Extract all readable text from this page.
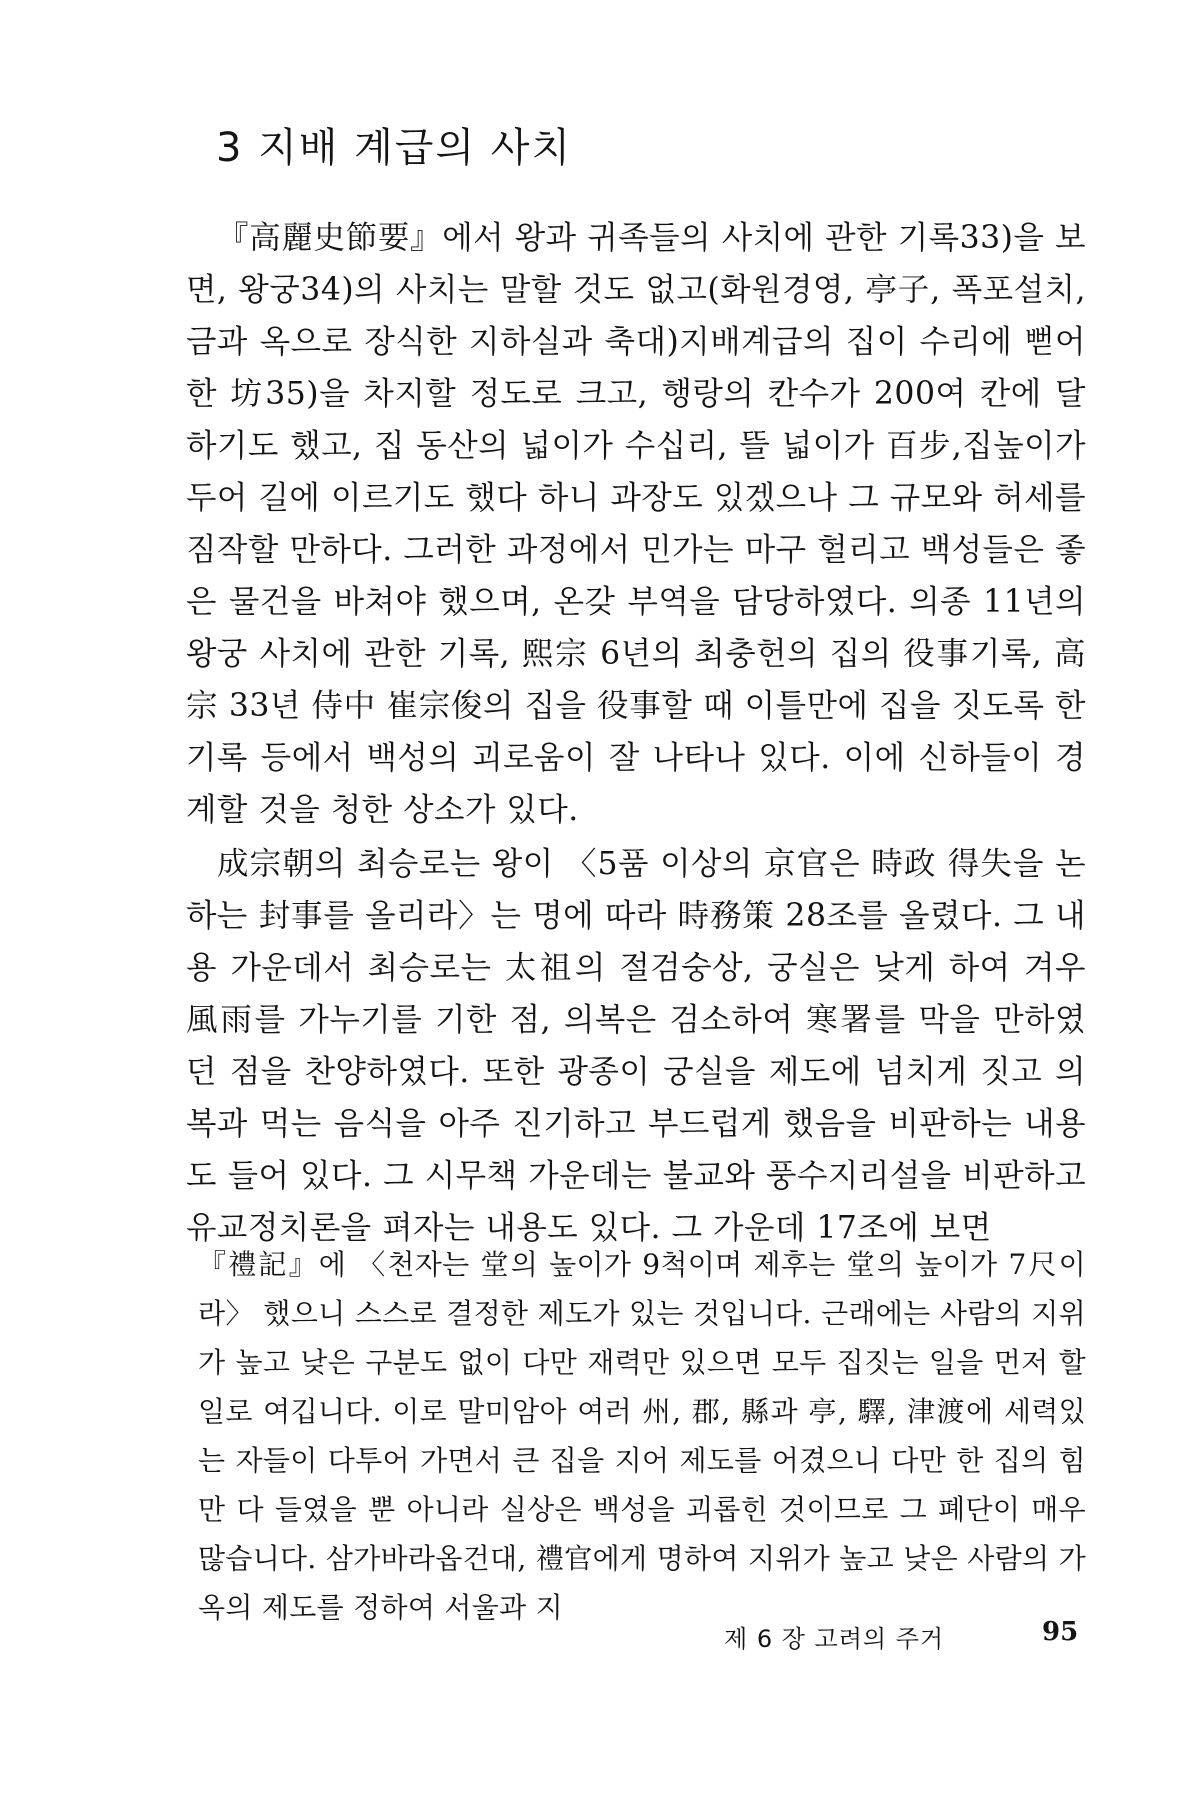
3 지배 계급의 사치

『高麗史節要』에서 왕과 귀족들의 사치에 관한 기록33)을 보면, 왕궁34)의 사치는 말할 것도 없고(화원경영, 亭子, 폭포설치, 금과 옥으로 장식한 지하실과 축대)지배계급의 집이 수리에 뻗어 한 坊35)을 차지할 정도로 크고, 행랑의 칸수가 200여 칸에 달하기도 했고, 집 동산의 넓이가 수십리, 뜰 넓이가 百步,집높이가 두어 길에 이르기도 했다 하니 과장도 있겠으나 그 규모와 허세를 짐작할 만하다. 그러한 과정에서 민가는 마구 헐리고 백성들은 좋은 물건을 바쳐야 했으며, 온갖 부역을 담당하였다. 의종 11년의 왕궁 사치에 관한 기록, 熙宗 6년의 최충헌의 집의 役事기록, 高宗 33년 侍中 崔宗俊의 집을 役事할 때 이틀만에 집을 짓도록 한 기록 등에서 백성의 괴로움이 잘 나타나 있다. 이에 신하들이 경계할 것을 청한 상소가 있다.

成宗朝의 최승로는 왕이 〈5품 이상의 京官은 時政 得失을 논하는 封事를 올리라〉는 명에 따라 時務策 28조를 올렸다. 그 내용 가운데서 최승로는 太祖의 절검숭상, 궁실은 낮게 하여 겨우 風雨를 가누기를 기한 점, 의복은 검소하여 寒署를 막을 만하였던 점을 찬양하였다. 또한 광종이 궁실을 제도에 넘치게 짓고 의복과 먹는 음식을 아주 진기하고 부드럽게 했음을 비판하는 내용도 들어 있다. 그 시무책 가운데는 불교와 풍수지리설을 비판하고 유교정치론을 펴자는 내용도 있다. 그 가운데 17조에 보면

『禮記』에 〈천자는 堂의 높이가 9척이며 제후는 堂의 높이가 7尺이라〉 했으니 스스로 결정한 제도가 있는 것입니다. 근래에는 사람의 지위가 높고 낮은 구분도 없이 다만 재력만 있으면 모두 집짓는 일을 먼저 할 일로 여깁니다. 이로 말미암아 여러 州, 郡, 縣과 亭, 驛, 津渡에 세력있는 자들이 다투어 가면서 큰 집을 지어 제도를 어겼으니 다만 한 집의 힘만 다 들였을 뿐 아니라 실상은 백성을 괴롭힌 것이므로 그 폐단이 매우 많습니다. 삼가바라옵건대, 禮官에게 명하여 지위가 높고 낮은 사람의 가옥의 제도를 정하여 서울과 지

제 6 장 고려의 주거	95
